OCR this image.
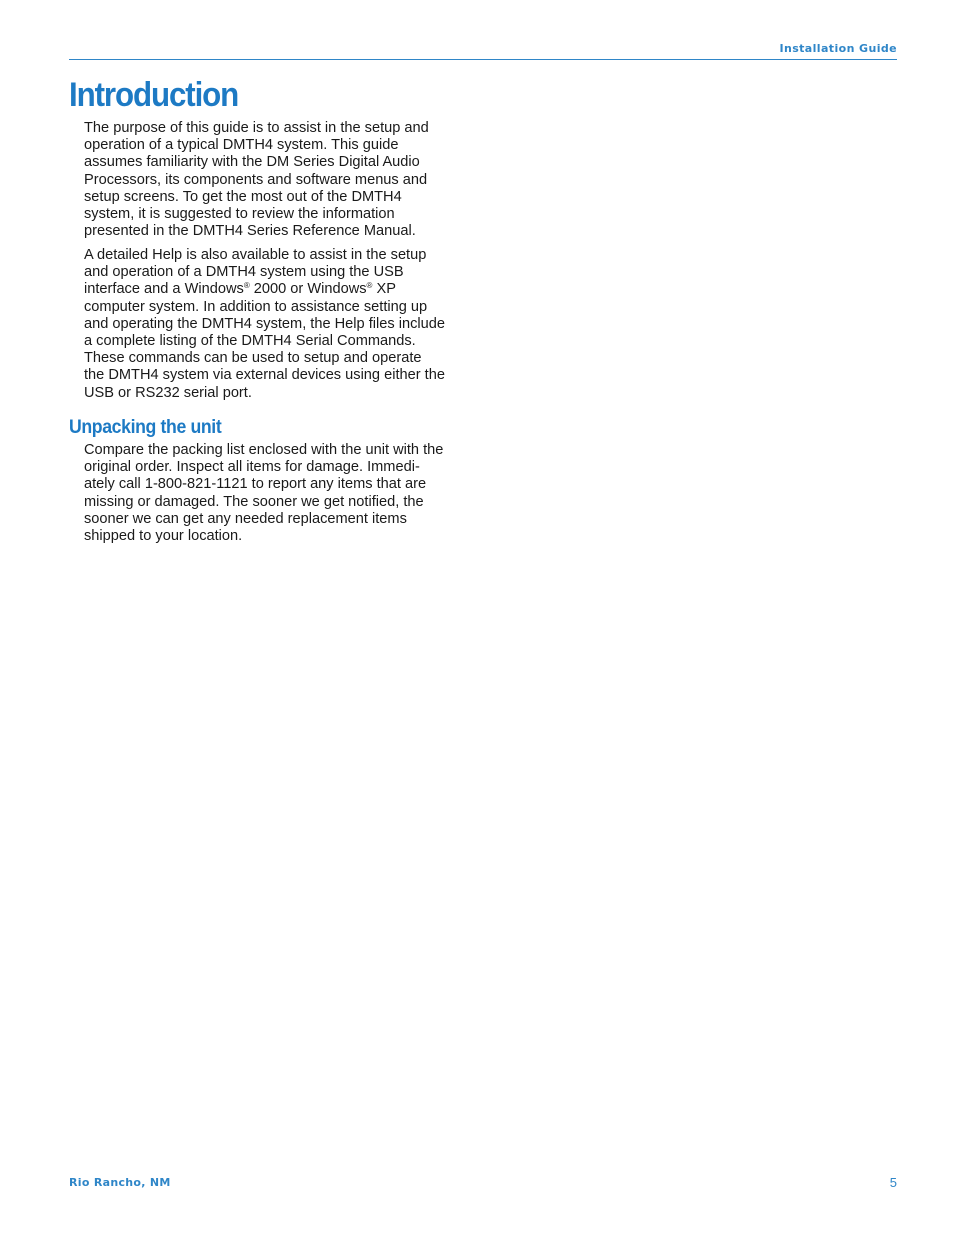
Installation Guide
Introduction

The purpose of this guide is to assist in the setup and
operation of a typical DMTH4 system. This guide
assumes familiarity with the DM Series Digital Audio
Processors, its components and software menus and
setup screens. To get the most out of the DMTH4
system, it is suggested to review the information
presented in the DMTH4 Series Reference Manual.

A detailed Help is also available to assist in the setup
and operation of a DMTH4 system using the USB
interface and a Windows® 2000 or Windows® XP
computer system. In addition to assistance setting up
and operating the DMTH4 system, the Help files include
a complete listing of the DMTH4 Serial Commands.
These commands can be used to setup and operate
the DMTH4 system via external devices using either the
USB or RS232 serial port.

Unpacking the unit

Compare the packing list enclosed with the unit with the
original order. Inspect all items for damage. Immedi-
ately call 1-800-821-1121 to report any items that are
missing or damaged. The sooner we get notified, the
sooner we can get any needed replacement items
shipped to your location.

Rio Rancho, NM	5
